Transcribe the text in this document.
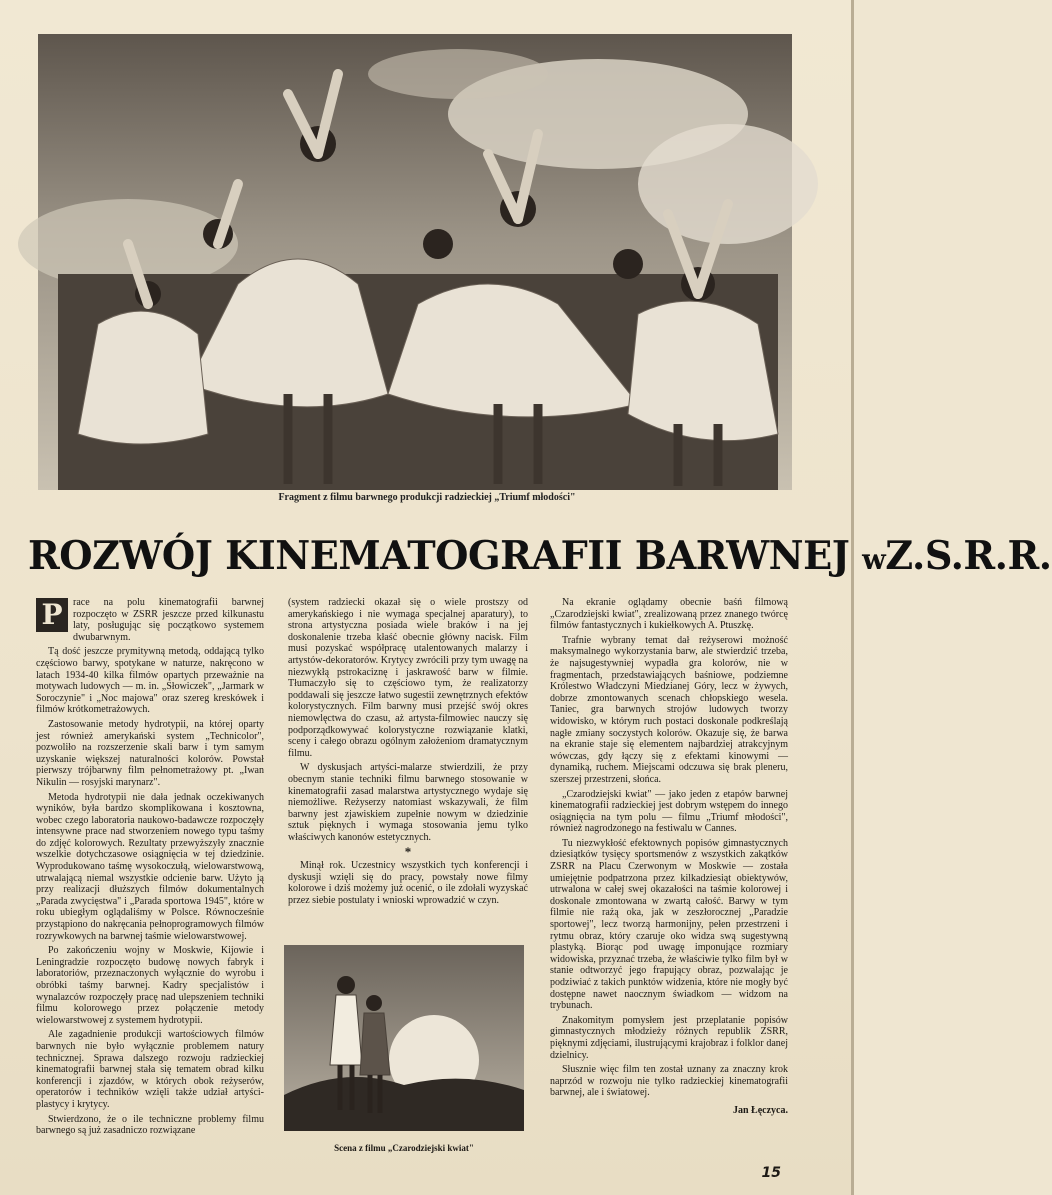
Fragment z filmu barwnego produkcji radzieckiej „Triumf młodości"
ROZWÓJ KINEMATOGRAFII BARWNEJ wZ.S.R.R.
P	race na polu kinematografii barwnej rozpoczęto w ZSRR jeszcze przed kilkunastu laty, posługując się początkowo systemem dwubarwnym.

Tą dość jeszcze prymitywną metodą, oddającą tylko częściowo barwy, spotykane w naturze, nakręcono w latach 1934-40 kilka filmów opartych przeważnie na motywach ludowych — m. in. „Słowiczek", „Jarmark w Soroczynie" i „Noc majowa" oraz szereg kreskówek i filmów krótkometrażowych.

Zastosowanie metody hydrotypii, na której oparty jest również amerykański system „Technicolor", pozwoliło na rozszerzenie skali barw i tym samym uzyskanie większej naturalności kolorów. Powstał pierwszy trójbarwny film pełnometrażowy pt. „Iwan Nikulin — rosyjski marynarz".

Metoda hydrotypii nie dała jednak oczekiwanych wyników, była bardzo skomplikowana i kosztowna, wobec czego laboratoria naukowo-badawcze rozpoczęły intensywne prace nad stworzeniem nowego typu taśmy do zdjęć kolorowych. Rezultaty przewyższyły znacznie wszelkie dotychczasowe osiągnięcia w tej dziedzinie. Wyprodukowano taśmę wysokoczułą, wielowarstwową, utrwalającą niemal wszystkie odcienie barw. Użyto ją przy realizacji dłuższych filmów dokumentalnych „Parada zwycięstwa" i „Parada sportowa 1945", które w roku ubiegłym oglądaliśmy w Polsce. Równocześnie przystąpiono do nakręcania pełnoprogramowych filmów rozrywkowych na barwnej taśmie wielowarstwowej.

Po zakończeniu wojny w Moskwie, Kijowie i Leningradzie rozpoczęto budowę nowych fabryk i laboratoriów, przeznaczonych wyłącznie do wyrobu i obróbki taśmy barwnej. Kadry specjalistów i wynalazców rozpoczęły pracę nad ulepszeniem techniki filmu kolorowego przez połączenie metody wielowarstwowej z systemem hydrotypii.

Ale zagadnienie produkcji wartościowych filmów barwnych nie było wyłącznie problemem natury technicznej. Sprawa dalszego rozwoju radzieckiej kinematografii barwnej stała się tematem obrad kilku konferencji i zjazdów, w których obok reżyserów, operatorów i techników wzięli także udział artyści-plastycy i krytycy.

Stwierdzono, że o ile techniczne problemy filmu barwnego są już zasadniczo rozwiązane

(system radziecki okazał się o wiele prostszy od amerykańskiego i nie wymaga specjalnej aparatury), to strona artystyczna posiada wiele braków i na jej doskonalenie trzeba kłaść obecnie główny nacisk. Film musi pozyskać współpracę utalentowanych malarzy i artystów-dekoratorów. Krytycy zwrócili przy tym uwagę na niezwykłą pstrokaciznę i jaskrawość barw w filmie. Tłumaczyło się to częściowo tym, że realizatorzy poddawali się jeszcze łatwo sugestii zewnętrznych efektów kolorystycznych. Film barwny musi przejść swój okres niemowlęctwa do czasu, aż artysta-filmowiec nauczy się podporządkowywać kolorystyczne rozwiązanie klatki, sceny i całego obrazu ogólnym założeniom dramatycznym filmu.

W dyskusjach artyści-malarze stwierdzili, że przy obecnym stanie techniki filmu barwnego stosowanie w kinematografii zasad malarstwa artystycznego wydaje się niemożliwe. Reżyserzy natomiast wskazywali, że film barwny jest zjawiskiem zupełnie nowym w dziedzinie sztuk pięknych i wymaga stosowania jemu tylko właściwych kanonów estetycznych.

*

Minął rok. Uczestnicy wszystkich tych konferencji i dyskusji wzięli się do pracy, powstały nowe filmy kolorowe i dziś możemy już ocenić, o ile zdołali wyzyskać przez siebie postulaty i wnioski wprowadzić w czyn.

Scena z filmu „Czarodziejski kwiat"

Na ekranie oglądamy obecnie baśń filmową „Czarodziejski kwiat", zrealizowaną przez znanego twórcę filmów fantastycznych i kukiełkowych A. Ptuszkę.

Trafnie wybrany temat dał reżyserowi możność maksymalnego wykorzystania barw, ale stwierdzić trzeba, że najsugestywniej wypadła gra kolorów, nie w fragmentach, przedstawiających baśniowe, podziemne Królestwo Władczyni Miedzianej Góry, lecz w żywych, dobrze zmontowanych scenach chłopskiego wesela. Taniec, gra barwnych strojów ludowych tworzy widowisko, w którym ruch postaci doskonale podkreślają nagłe zmiany soczystych kolorów. Okazuje się, że barwa na ekranie staje się elementem najbardziej atrakcyjnym wówczas, gdy łączy się z efektami kinowymi — dynamiką, ruchem. Miejscami odczuwa się brak pleneru, szerszej przestrzeni, słońca.

„Czarodziejski kwiat" — jako jeden z etapów barwnej kinematografii radzieckiej jest dobrym wstępem do innego osiągnięcia na tym polu — filmu „Triumf młodości", również nagrodzonego na festiwalu w Cannes.

Tu niezwykłość efektownych popisów gimnastycznych dziesiątków tysięcy sportsmenów z wszystkich zakątków ZSRR na Placu Czerwonym w Moskwie — została umiejętnie podpatrzona przez kilkadziesiąt obiektywów, utrwalona w całej swej okazałości na taśmie kolorowej i doskonale zmontowana w zwartą całość. Barwy w tym filmie nie rażą oka, jak w zeszłorocznej „Paradzie sportowej", lecz tworzą harmonijny, pełen przestrzeni i rytmu obraz, który czaruje oko widza swą sugestywną plastyką. Biorąc pod uwagę imponujące rozmiary widowiska, przyznać trzeba, że właściwie tylko film był w stanie odtworzyć jego frapujący obraz, pozwalając je podziwiać z takich punktów widzenia, które nie mogły być dostępne nawet naocznym świadkom — widzom na trybunach.

Znakomitym pomysłem jest przeplatanie popisów gimnastycznych młodzieży różnych republik ZSRR, pięknymi zdjęciami, ilustrującymi krajobraz i folklor danej dzielnicy.

Słusznie więc film ten został uznany za znaczny krok naprzód w rozwoju nie tylko radzieckiej kinematografii barwnej, ale i światowej.

Jan Łęczyca.
15
